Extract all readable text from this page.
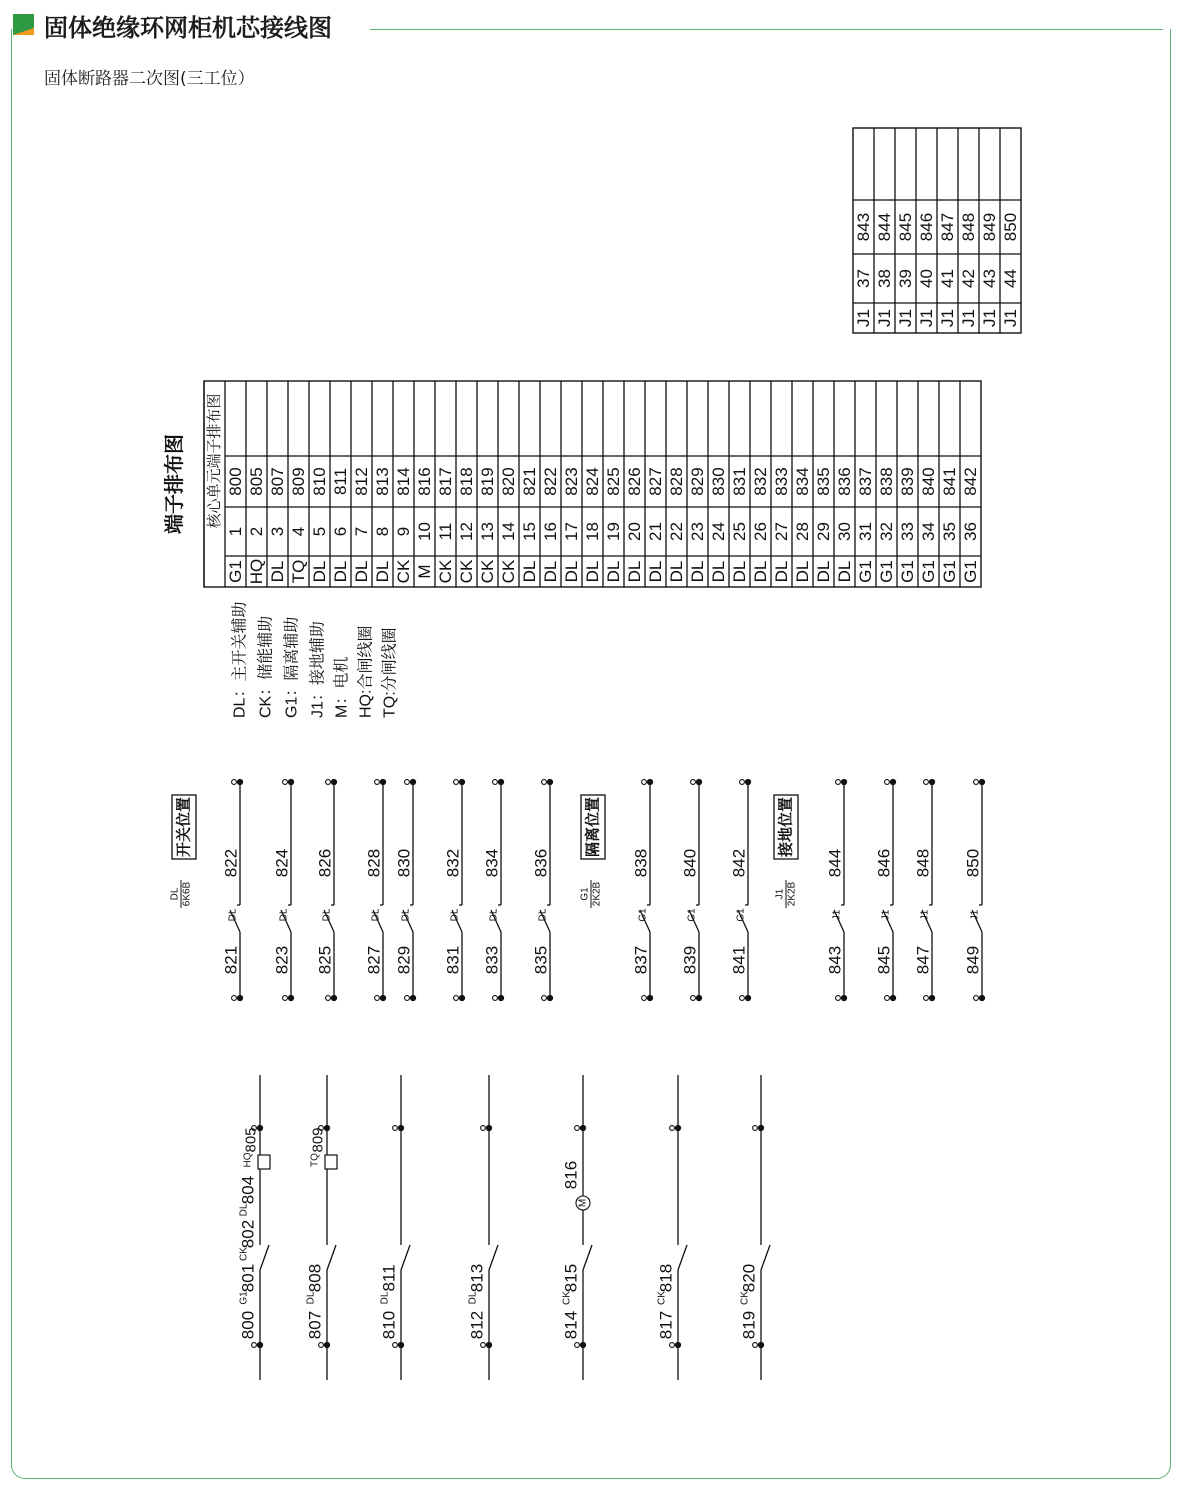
固体绝缘环网柜机芯接线图
固体断路器二次图(三工位）
J1
37
843
J1
38
844
J1
39
845
J1
40
846
J1
41
847
J1
42
848
J1
43
849
J1
44
850
端子排布图 核心单元端子排布图
G1
1
800
HQ
2
805
DL
3
807
TQ
4
809
DL
5
810
DL
6
811
DL
7
812
DL
8
813
CK
9
814
M
10
816
CK
11
817
CK
12
818
CK
13
819
CK
14
820
DL
15
821
DL
16
822
DL
17
823
DL
18
824
DL
19
825
DL
20
826
DL
21
827
DL
22
828
DL
23
829
DL
24
830
DL
25
831
DL
26
832
DL
27
833
DL
28
834
DL
29
835
DL
30
836
G1
31
837
G1
32
838
G1
33
839
G1
34
840
G1
35
841
G1
36
842
DL：主开关辅助 CK：储能辅助 G1：隔离辅助 J1：接地辅助 M：电机 HQ:合闸线圈 TQ:分闸线圈
822
821
DL
824
823
DL
826
825
DL
828
827
DL
830
829
DL
832
831
DL
834
833
DL
836
835
DL
838
837
G1
840
839
G1
842
841
G1
844
843
J1
846
845
J1
848
847
J1
850
849
J1
开关位置
DL 6K6B
隔离位置
G1 2K2B
接地位置
J1 2K2B
800
G1
801
CK
802
DL
804
HQ
805
807
DL
808
TQ
809
810
DL
811
812
DL
813
814
CK
815
M
816
817
CK
818
819
CK
820
